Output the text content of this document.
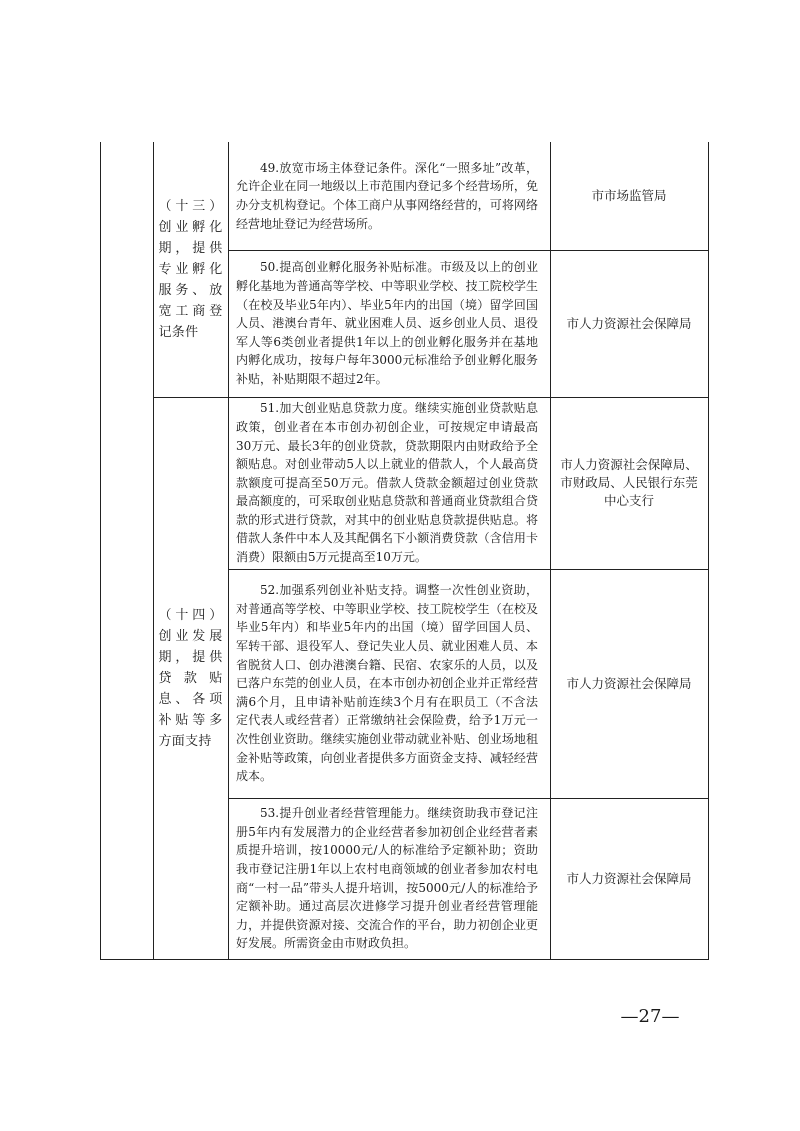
（十三）创业孵化期，提供专业孵化服务、放宽工商登记条件

49.放宽市场主体登记条件。深化“一照多址”改革，允许企业在同一地级以上市范围内登记多个经营场所，免办分支机构登记。个体工商户从事网络经营的，可将网络经营地址登记为经营场所。

市市场监管局

50.提高创业孵化服务补贴标准。市级及以上的创业孵化基地为普通高等学校、中等职业学校、技工院校学生（在校及毕业5年内）、毕业5年内的出国（境）留学回国人员、港澳台青年、就业困难人员、返乡创业人员、退役军人等6类创业者提供1年以上的创业孵化服务并在基地内孵化成功，按每户每年3000元标准给予创业孵化服务补贴，补贴期限不超过2年。

市人力资源社会保障局
（十四）创业发展期，提供贷款贴息、各项补贴等多方面支持

51.加大创业贴息贷款力度。继续实施创业贷款贴息政策，创业者在本市创办初创企业，可按规定申请最高30万元、最长3年的创业贷款，贷款期限内由财政给予全额贴息。对创业带动5人以上就业的借款人，个人最高贷款额度可提高至50万元。借款人贷款金额超过创业贷款最高额度的，可采取创业贴息贷款和普通商业贷款组合贷款的形式进行贷款，对其中的创业贴息贷款提供贴息。将借款人条件中本人及其配偶名下小额消费贷款（含信用卡消费）限额由5万元提高至10万元。

市人力资源社会保障局、市财政局、人民银行东莞中心支行

52.加强系列创业补贴支持。调整一次性创业资助，对普通高等学校、中等职业学校、技工院校学生（在校及毕业5年内）和毕业5年内的出国（境）留学回国人员、军转干部、退役军人、登记失业人员、就业困难人员、本省脱贫人口、创办港澳台籍、民宿、农家乐的人员，以及已落户东莞的创业人员，在本市创办初创企业并正常经营满6个月，且申请补贴前连续3个月有在职员工（不含法定代表人或经营者）正常缴纳社会保险费，给予1万元一次性创业资助。继续实施创业带动就业补贴、创业场地租金补贴等政策，向创业者提供多方面资金支持、减轻经营成本。

市人力资源社会保障局

53.提升创业者经营管理能力。继续资助我市登记注册5年内有发展潜力的企业经营者参加初创企业经营者素质提升培训，按10000元/人的标准给予定额补助；资助我市登记注册1年以上农村电商领域的创业者参加农村电商“一村一品”带头人提升培训，按5000元/人的标准给予定额补助。通过高层次进修学习提升创业者经营管理能力，并提供资源对接、交流合作的平台，助力初创企业更好发展。所需资金由市财政负担。

市人力资源社会保障局
—27—
